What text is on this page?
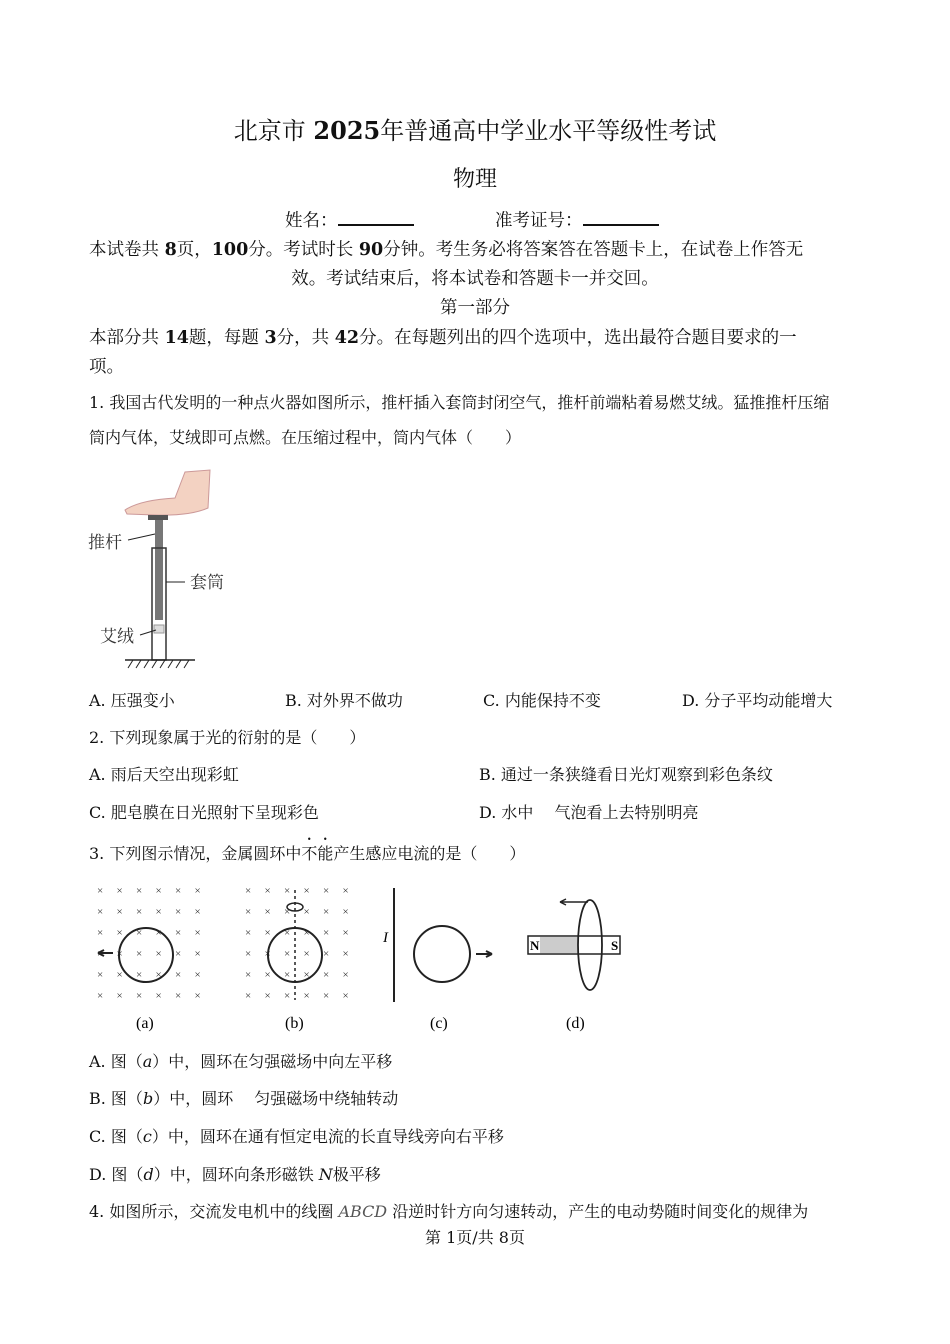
北京市 2025年普通高中学业水平等级性考试
物理
姓名：	准考证号：
本试卷共 8页，100分。考试时长 90分钟。考生务必将答案答在答题卡上，在试卷上作答无
效。考试结束后，将本试卷和答题卡一并交回。
第一部分
本部分共 14题，每题 3分，共 42分。在每题列出的四个选项中，选出最符合题目要求的一
项。
1. 我国古代发明的一种点火器如图所示，推杆插入套筒封闭空气，推杆前端粘着易燃艾绒。猛推推杆压缩
筒内气体，艾绒即可点燃。在压缩过程中，筒内气体（　　）
推杆
套筒
艾绒
A. 压强变小	B. 对外界不做功	C. 内能保持不变	D. 分子平均动能增大
2. 下列现象属于光的衍射的是（　　）
A. 雨后天空出现彩虹	B. 通过一条狭缝看日光灯观察到彩色条纹
C. 肥皂膜在日光照射下呈现彩色	D. 水中　 气泡看上去特别明亮
3. 下列图示情况，金属圆环中不能产生感应电流的是（　　）
× × × × × ×
× × × × × ×
× × × × × ×
× × × × × ×
× × × × × ×
× × × × × ×
(a)
× × × × × ×
× × × × × ×
× × × × × ×
× × × × × ×
× × × × × ×
× × × × × ×
(b)
I
(c)
N	S
(d)
A. 图（a）中，圆环在匀强磁场中向左平移
B. 图（b）中，圆环　 匀强磁场中绕轴转动
C. 图（c）中，圆环在通有恒定电流的长直导线旁向右平移
D. 图（d）中，圆环向条形磁铁 N极平移
4. 如图所示，交流发电机中的线圈 ABCD 沿逆时针方向匀速转动，产生的电动势随时间变化的规律为
第 1页/共 8页
